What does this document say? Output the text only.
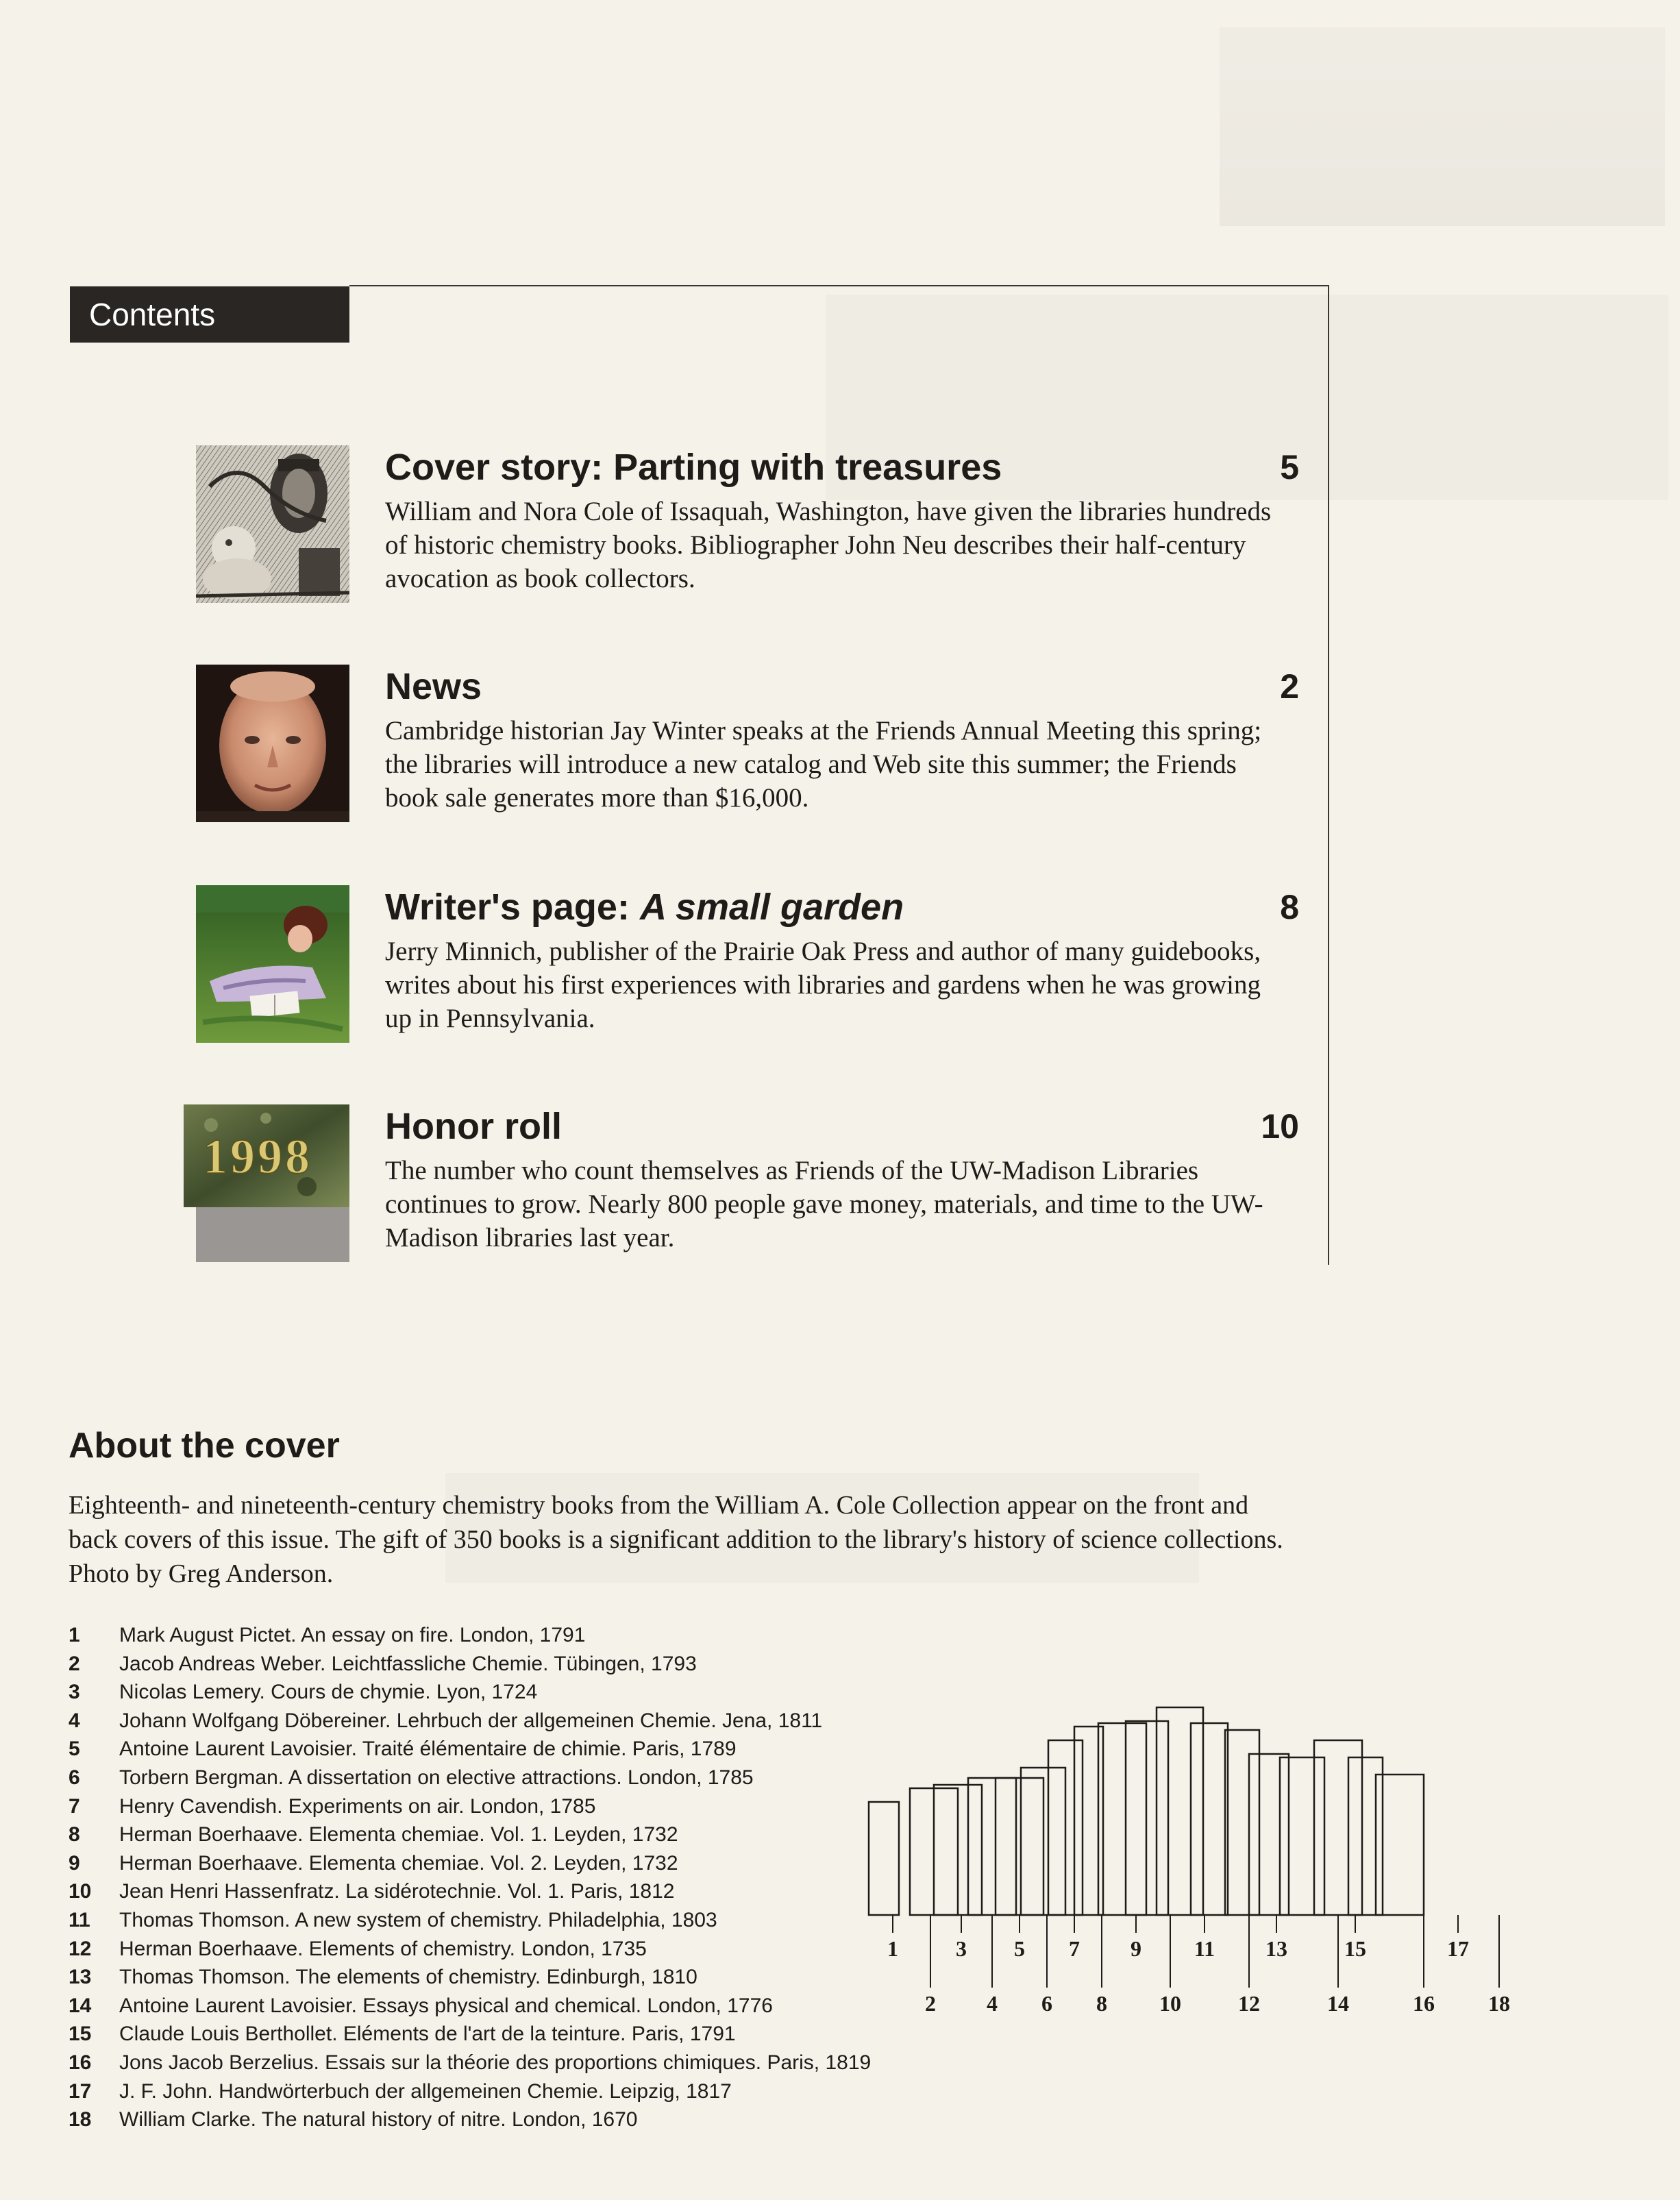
Contents
Cover story: Parting with treasures	5
William and Nora Cole of Issaquah, Washington, have given the libraries hundreds of historic chemistry books. Bibliographer John Neu describes their half-century avocation as book collectors.
News	2
Cambridge historian Jay Winter speaks at the Friends Annual Meeting this spring; the libraries will introduce a new catalog and Web site this summer; the Friends book sale generates more than $16,000.
Writer's page: A small garden	8
Jerry Minnich, publisher of the Prairie Oak Press and author of many guidebooks, writes about his first experiences with libraries and gardens when he was growing up in Pennsylvania.
1998
Honor roll	10
The number who count themselves as Friends of the UW-Madison Libraries continues to grow. Nearly 800 people gave money, materials, and time to the UW-Madison libraries last year.
About the cover
Eighteenth- and nineteenth-century chemistry books from the William A. Cole Collection appear on the front and back covers of this issue. The gift of 350 books is a significant addition to the library's history of science collections. Photo by Greg Anderson.
1 Mark August Pictet. An essay on fire. London, 1791
2 Jacob Andreas Weber. Leichtfassliche Chemie. Tübingen, 1793
3 Nicolas Lemery. Cours de chymie. Lyon, 1724
4 Johann Wolfgang Döbereiner. Lehrbuch der allgemeinen Chemie. Jena, 1811
5 Antoine Laurent Lavoisier. Traité élémentaire de chimie. Paris, 1789
6 Torbern Bergman. A dissertation on elective attractions. London, 1785
7 Henry Cavendish. Experiments on air. London, 1785
8 Herman Boerhaave. Elementa chemiae. Vol. 1. Leyden, 1732
9 Herman Boerhaave. Elementa chemiae. Vol. 2. Leyden, 1732
10 Jean Henri Hassenfratz. La sidérotechnie. Vol. 1. Paris, 1812
11 Thomas Thomson. A new system of chemistry. Philadelphia, 1803
12 Herman Boerhaave. Elements of chemistry. London, 1735
13 Thomas Thomson. The elements of chemistry. Edinburgh, 1810
14 Antoine Laurent Lavoisier. Essays physical and chemical. London, 1776
15 Claude Louis Berthollet. Eléments de l'art de la teinture. Paris, 1791
16 Jons Jacob Berzelius. Essais sur la théorie des proportions chimiques. Paris, 1819
17 J. F. John. Handwörterbuch der allgemeinen Chemie. Leipzig, 1817
18 William Clarke. The natural history of nitre. London, 1670
1
2
3
4
5
6
7
8
9
10
11
12
13
14
15
16
17
18
